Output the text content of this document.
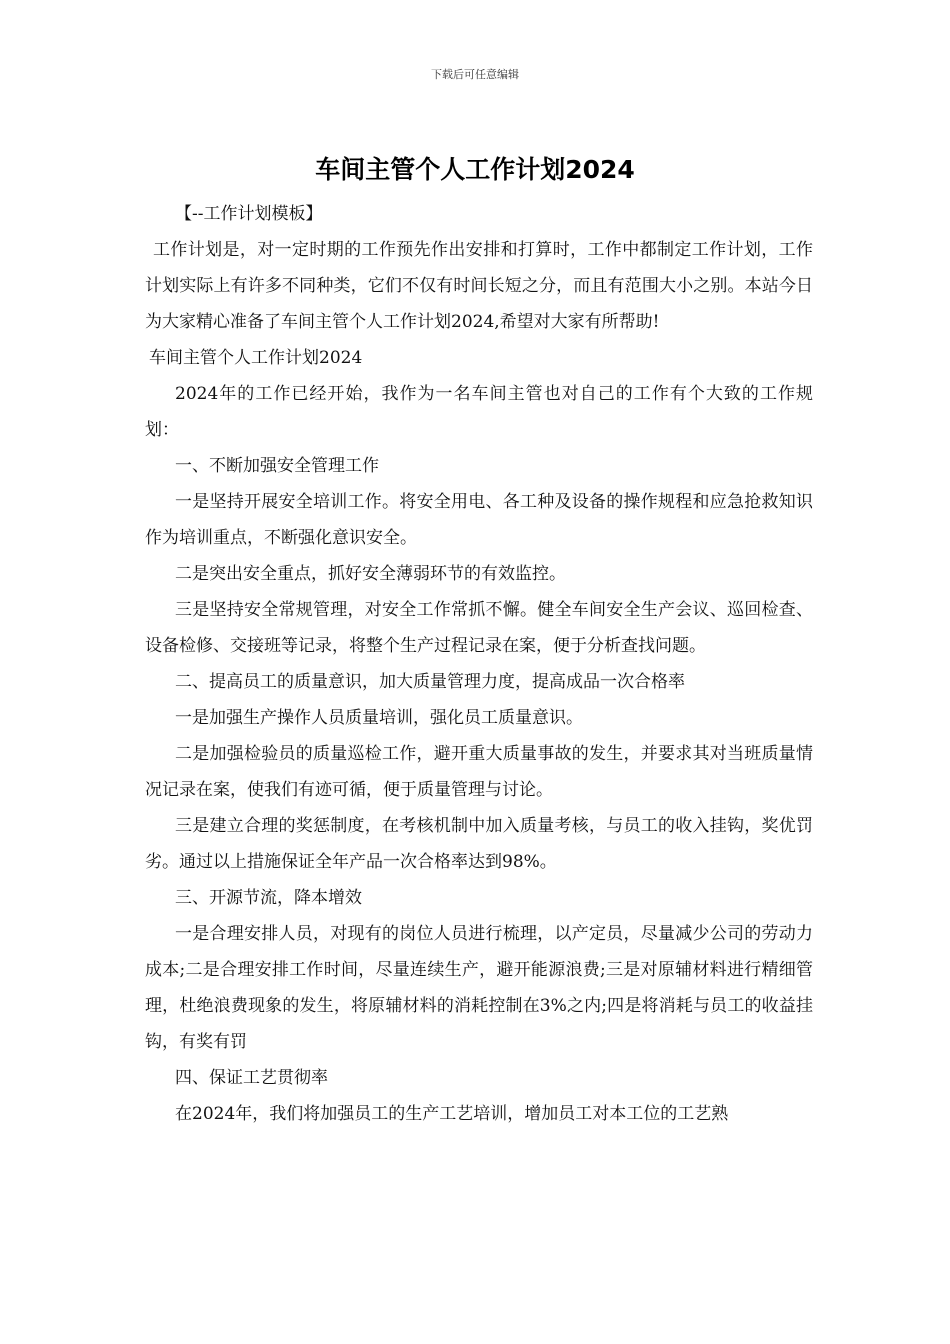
下载后可任意编辑
车间主管个人工作计划2024

【--工作计划模板】

工作计划是，对一定时期的工作预先作出安排和打算时，工作中都制定工作计划，工作计划实际上有许多不同种类，它们不仅有时间长短之分，而且有范围大小之别。本站今日为大家精心准备了车间主管个人工作计划2024,希望对大家有所帮助!

车间主管个人工作计划2024

2024年的工作已经开始，我作为一名车间主管也对自己的工作有个大致的工作规划：

一、不断加强安全管理工作

一是坚持开展安全培训工作。将安全用电、各工种及设备的操作规程和应急抢救知识作为培训重点，不断强化意识安全。

二是突出安全重点，抓好安全薄弱环节的有效监控。

三是坚持安全常规管理，对安全工作常抓不懈。健全车间安全生产会议、巡回检查、设备检修、交接班等记录，将整个生产过程记录在案，便于分析查找问题。

二、提高员工的质量意识，加大质量管理力度，提高成品一次合格率

一是加强生产操作人员质量培训，强化员工质量意识。

二是加强检验员的质量巡检工作，避开重大质量事故的发生，并要求其对当班质量情况记录在案，使我们有迹可循，便于质量管理与讨论。

三是建立合理的奖惩制度，在考核机制中加入质量考核，与员工的收入挂钩，奖优罚劣。通过以上措施保证全年产品一次合格率达到98%。

三、开源节流，降本增效

一是合理安排人员，对现有的岗位人员进行梳理，以产定员，尽量减少公司的劳动力成本;二是合理安排工作时间，尽量连续生产，避开能源浪费;三是对原辅材料进行精细管理，杜绝浪费现象的发生，将原辅材料的消耗控制在3%之内;四是将消耗与员工的收益挂钩，有奖有罚

四、保证工艺贯彻率

在2024年，我们将加强员工的生产工艺培训，增加员工对本工位的工艺熟
